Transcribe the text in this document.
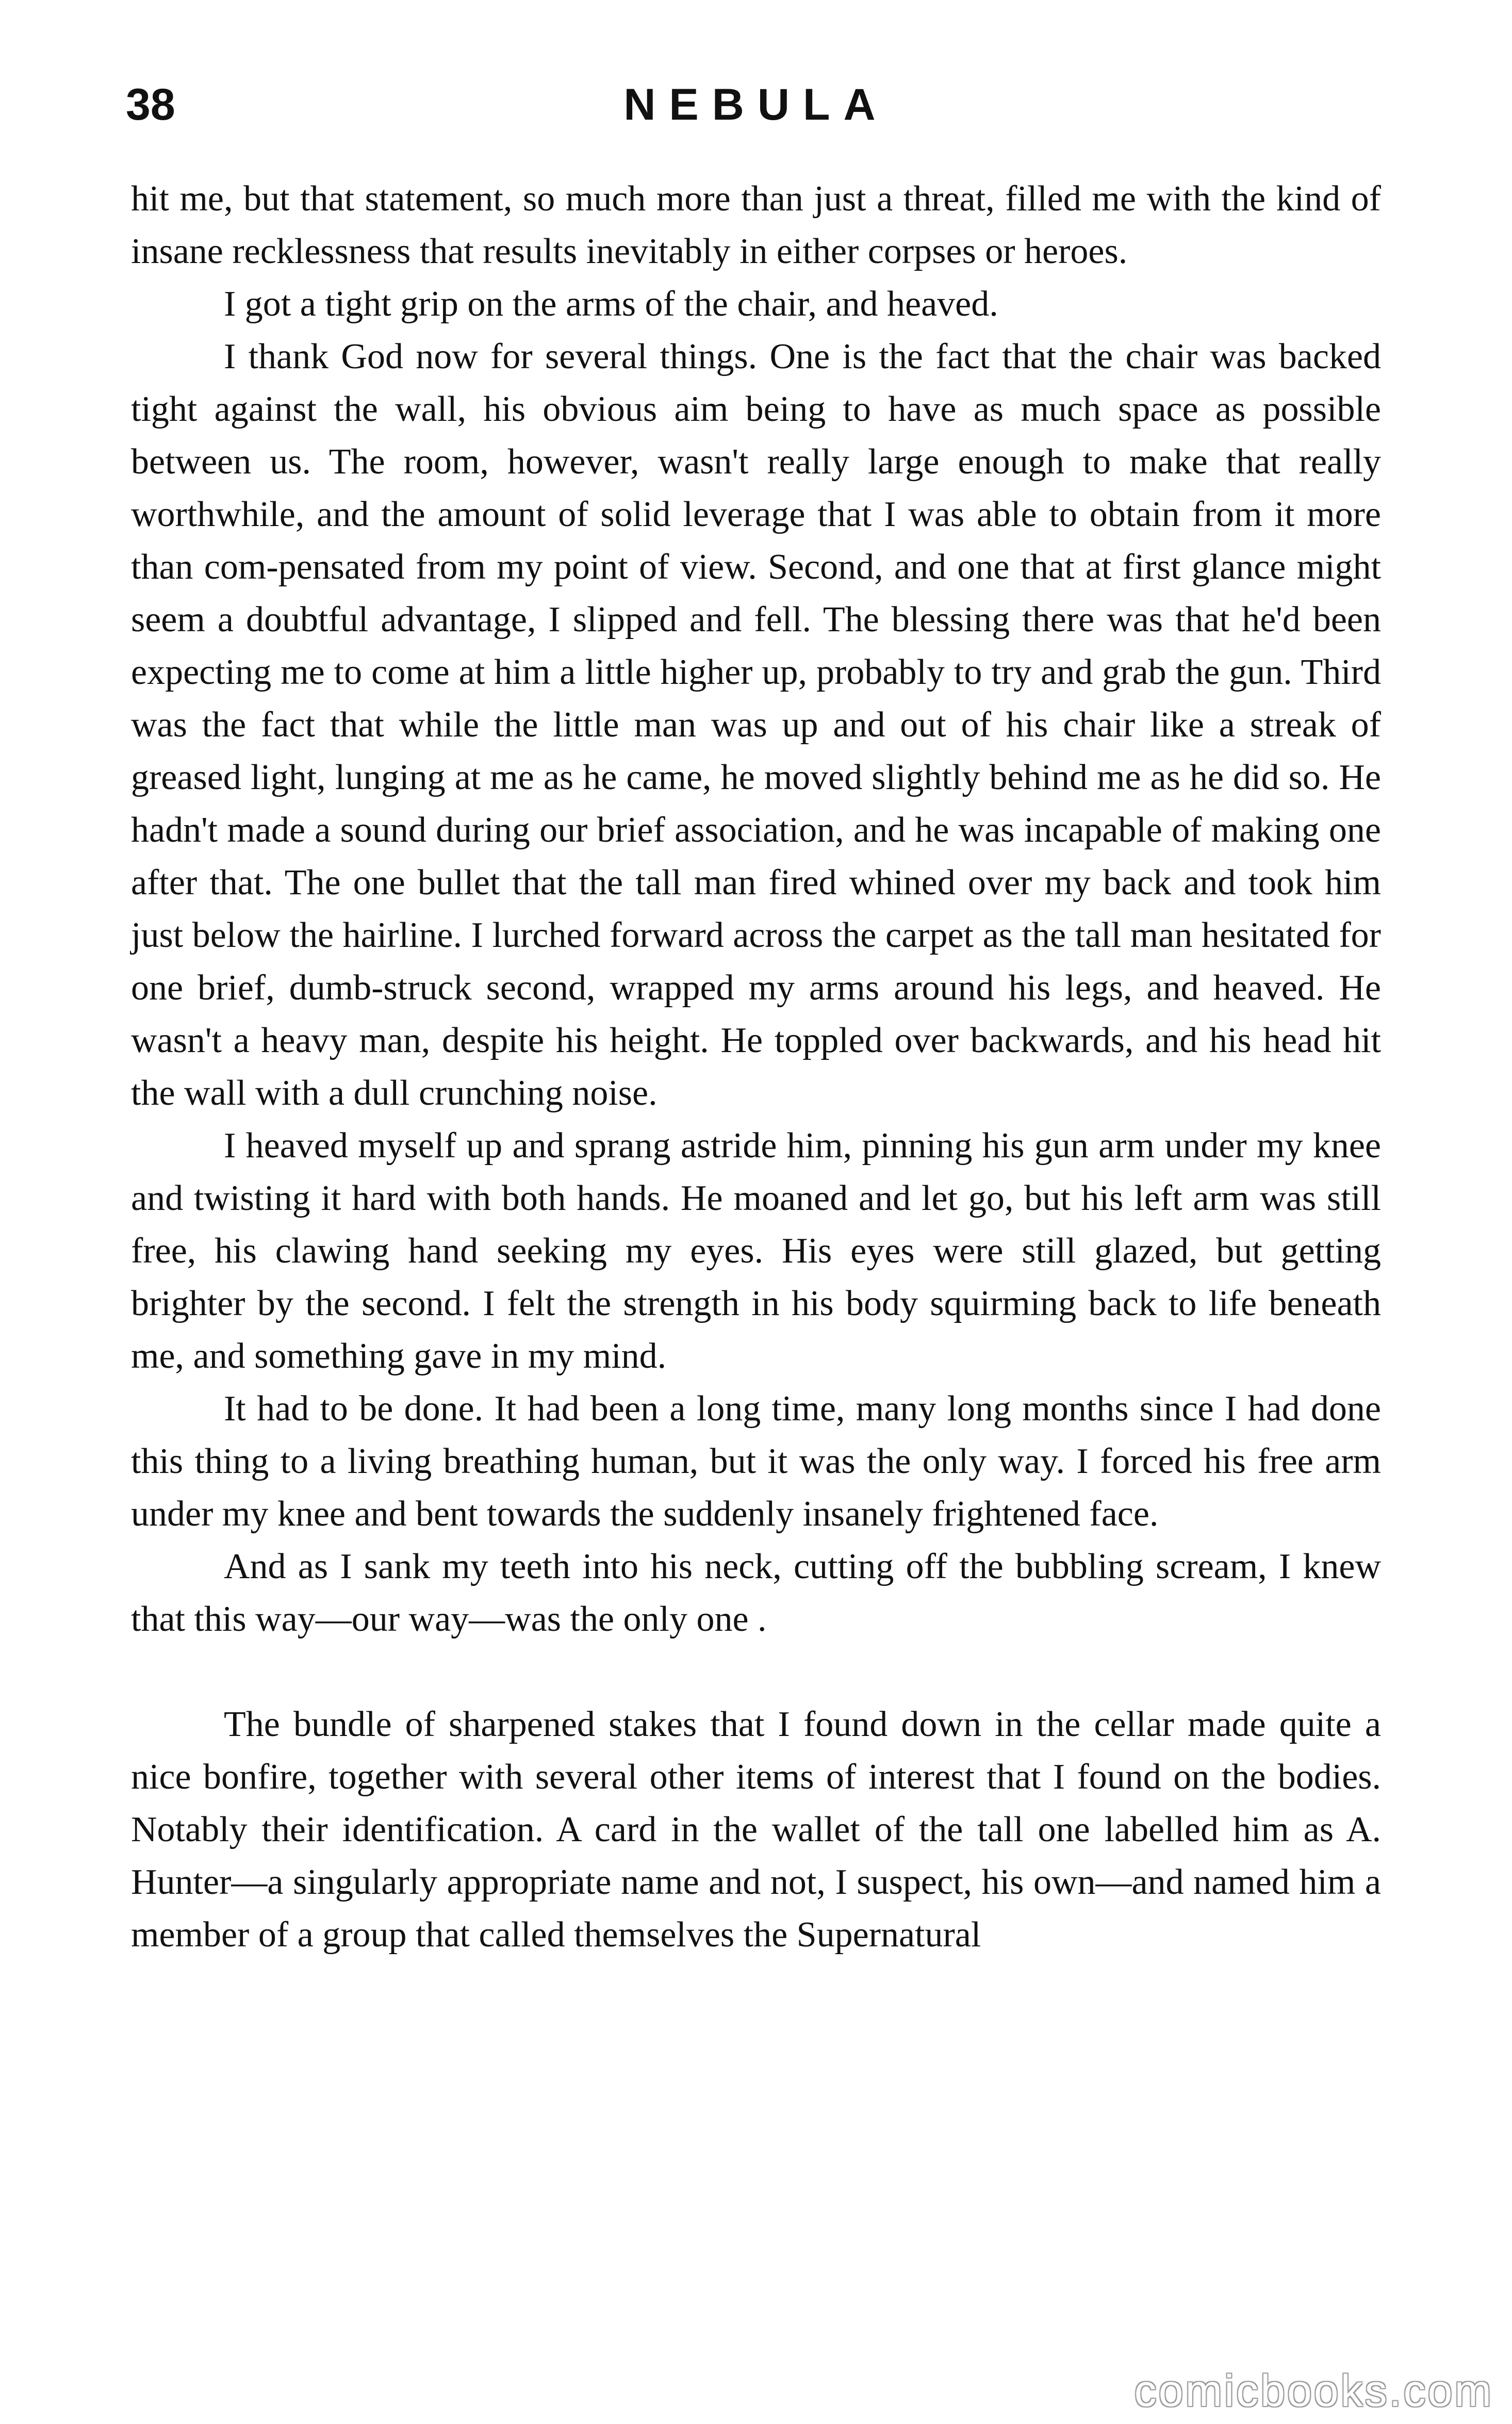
38	NEBULA

hit me, but that statement, so much more than just a threat, filled me with the kind of insane recklessness that results inevitably in either corpses or heroes.

I got a tight grip on the arms of the chair, and heaved.

I thank God now for several things. One is the fact that the chair was backed tight against the wall, his obvious aim being to have as much space as possible between us. The room, however, wasn't really large enough to make that really worthwhile, and the amount of solid leverage that I was able to obtain from it more than com-pensated from my point of view. Second, and one that at first glance might seem a doubtful advantage, I slipped and fell. The blessing there was that he'd been expecting me to come at him a little higher up, probably to try and grab the gun. Third was the fact that while the little man was up and out of his chair like a streak of greased light, lunging at me as he came, he moved slightly behind me as he did so. He hadn't made a sound during our brief association, and he was incapable of making one after that. The one bullet that the tall man fired whined over my back and took him just below the hairline. I lurched forward across the carpet as the tall man hesitated for one brief, dumb-struck second, wrapped my arms around his legs, and heaved. He wasn't a heavy man, despite his height. He toppled over backwards, and his head hit the wall with a dull crunching noise.

I heaved myself up and sprang astride him, pinning his gun arm under my knee and twisting it hard with both hands. He moaned and let go, but his left arm was still free, his clawing hand seeking my eyes. His eyes were still glazed, but getting brighter by the second. I felt the strength in his body squirming back to life beneath me, and something gave in my mind.

It had to be done. It had been a long time, many long months since I had done this thing to a living breathing human, but it was the only way. I forced his free arm under my knee and bent towards the suddenly insanely frightened face.

And as I sank my teeth into his neck, cutting off the bubbling scream, I knew that this way—our way—was the only one .

The bundle of sharpened stakes that I found down in the cellar made quite a nice bonfire, together with several other items of interest that I found on the bodies. Notably their identification. A card in the wallet of the tall one labelled him as A. Hunter—a singularly appropriate name and not, I suspect, his own—and named him a member of a group that called themselves the Supernatural

comicbooks.com
